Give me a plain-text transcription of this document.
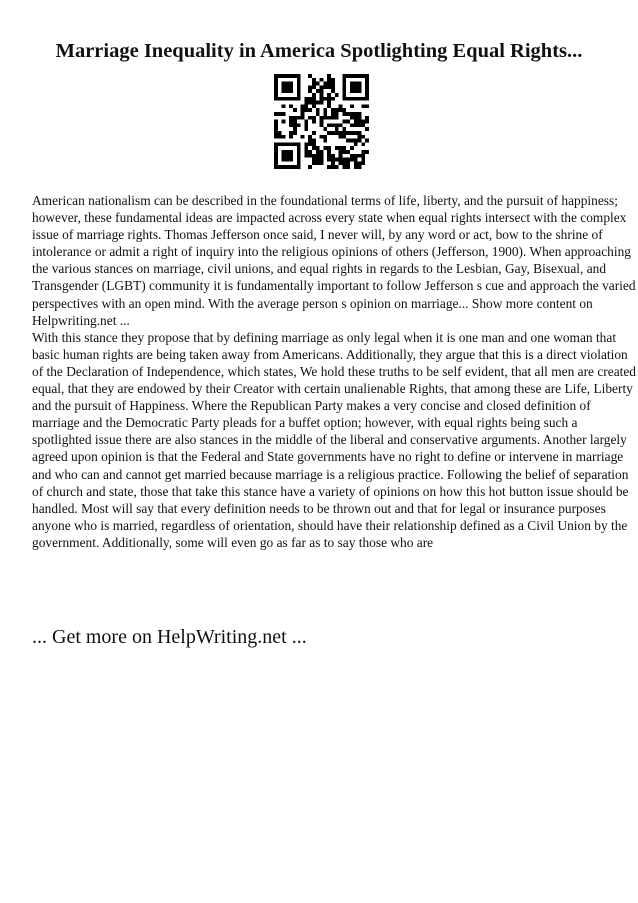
Marriage Inequality in America Spotlighting Equal Rights...

American nationalism can be described in the foundational terms of life, liberty, and the pursuit of happiness; however, these fundamental ideas are impacted across every state when equal rights intersect with the complex issue of marriage rights. Thomas Jefferson once said, I never will, by any word or act, bow to the shrine of intolerance or admit a right of inquiry into the religious opinions of others (Jefferson, 1900). When approaching the various stances on marriage, civil unions, and equal rights in regards to the Lesbian, Gay, Bisexual, and Transgender (LGBT) community it is fundamentally important to follow Jefferson s cue and approach the varied perspectives with an open mind. With the average person s opinion on marriage... Show more content on Helpwriting.net ...

With this stance they propose that by defining marriage as only legal when it is one man and one woman that basic human rights are being taken away from Americans. Additionally, they argue that this is a direct violation of the Declaration of Independence, which states, We hold these truths to be self evident, that all men are created equal, that they are endowed by their Creator with certain unalienable Rights, that among these are Life, Liberty and the pursuit of Happiness. Where the Republican Party makes a very concise and closed definition of marriage and the Democratic Party pleads for a buffet option; however, with equal rights being such a spotlighted issue there are also stances in the middle of the liberal and conservative arguments. Another largely agreed upon opinion is that the Federal and State governments have no right to define or intervene in marriage and who can and cannot get married because marriage is a religious practice. Following the belief of separation of church and state, those that take this stance have a variety of opinions on how this hot button issue should be handled. Most will say that every definition needs to be thrown out and that for legal or insurance purposes anyone who is married, regardless of orientation, should have their relationship defined as a Civil Union by the government. Additionally, some will even go as far as to say those who are

... Get more on HelpWriting.net ...
